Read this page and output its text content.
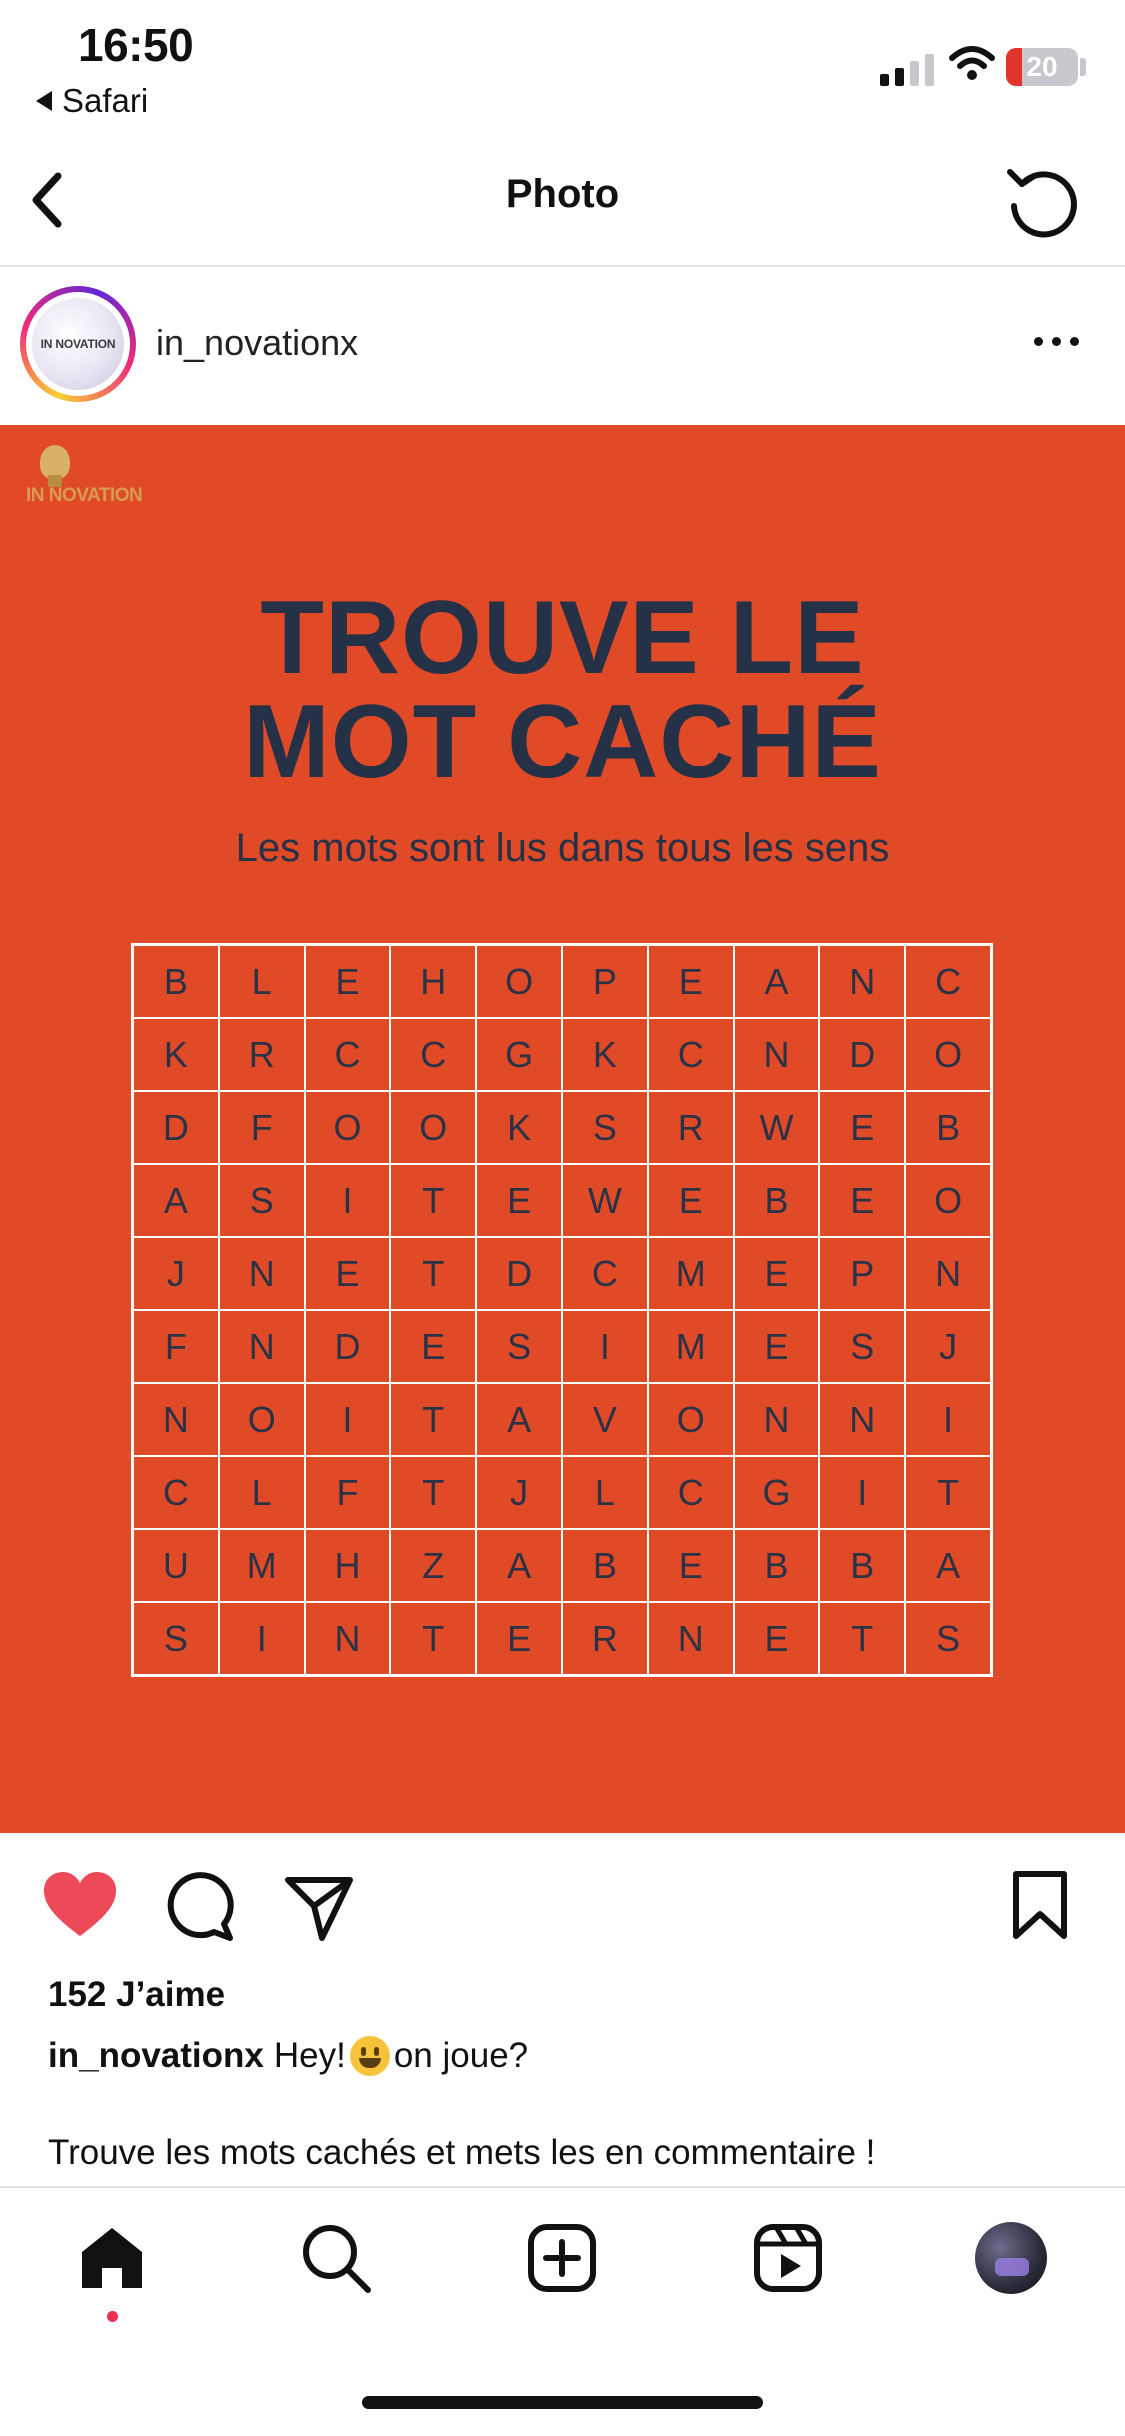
16:50
Safari
20
Photo
IN NOVATION in_novationx
IN NOVATION
TROUVE LE
MOT CACHÉ
Les mots sont lus dans tous les sens
B	L	E	H	O	P	E	A	N	C
K	R	C	C	G	K	C	N	D	O
D	F	O	O	K	S	R	W	E	B
A	S	I	T	E	W	E	B	E	O
J	N	E	T	D	C	M	E	P	N
F	N	D	E	S	I	M	E	S	J
N	O	I	T	A	V	O	N	N	I
C	L	F	T	J	L	C	G	I	T
U	M	H	Z	A	B	E	B	B	A
S	I	N	T	E	R	N	E	T	S
152 J’aime
in_novationx Hey! on joue?
Trouve les mots cachés et mets les en commentaire !
